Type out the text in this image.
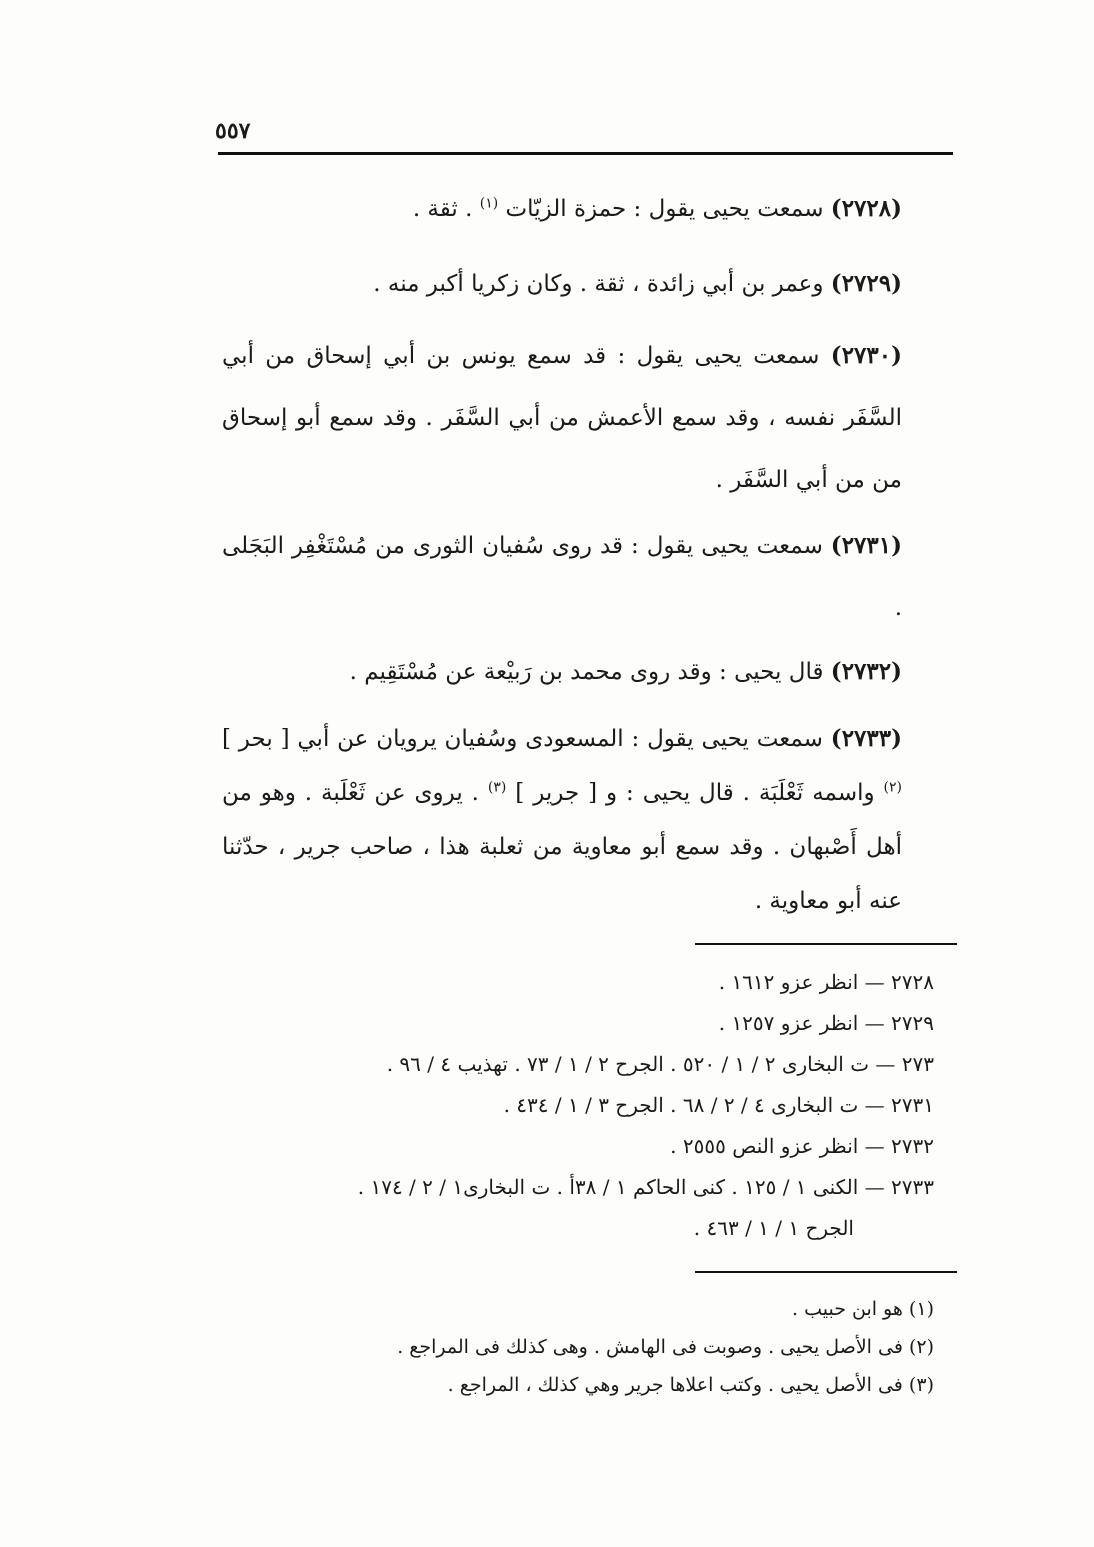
٥٥٧

(٢٧٢٨) سمعت يحيى يقول : حمزة الزيّات $^{(١)}$ . ثقة .

(٢٧٢٩) وعمر بن أبي زائدة ، ثقة . وكان زكريا أكبر منه .

(٢٧٣٠) سمعت يحيى يقول : قد سمع يونس بن أبي إسحاق من أبي السَّفَر نفسه ، وقد سمع الأعمش من أبي السَّفَر . وقد سمع أبو إسحاق من من أبي السَّفَر .

(٢٧٣١) سمعت يحيى يقول : قد روى سُفيان الثورى من مُسْتَغْفِر البَجَلى .

(٢٧٣٢) قال يحيى : وقد روى محمد بن رَبيْعة عن مُسْتَقِيم .

(٢٧٣٣) سمعت يحيى يقول : المسعودى وسُفيان يرويان عن أبي [ بحر ] $^{(٢)}$ واسمه ثَعْلَبَة . قال يحيى : و [ جرير ] $^{(٣)}$ . يروى عن ثَعْلَبة . وهو من أهل أَصْبهان . وقد سمع أبو معاوية من ثعلبة هذا ، صاحب جرير ، حدّثنا عنه أبو معاوية .

٢٧٢٨ — انظر عزو ١٦١٢ .

٢٧٢٩ — انظر عزو ١٢٥٧ .

٢٧٣ — ت البخارى ٢ / ١ / ٥٢٠ . الجرح ٢ / ١ / ٧٣ . تهذيب ٤ / ٩٦ .

٢٧٣١ — ت البخارى ٤ / ٢ / ٦٨ . الجرح ٣ / ١ / ٤٣٤ .

٢٧٣٢ — انظر عزو النص ٢٥٥٥ .

٢٧٣٣ — الكنى ١ / ١٢٥ . كنى الحاكم ١ / ٣٨أ . ت البخارى١ / ٢ / ١٧٤ .

الجرح ١ / ١ / ٤٦٣ .

(١) هو ابن حبيب .

(٢) فى الأصل يحيى . وصوبت فى الهامش . وهى كذلك فى المراجع .

(٣) فى الأصل يحيى . وكتب اعلاها جرير وهي كذلك ، المراجع .
